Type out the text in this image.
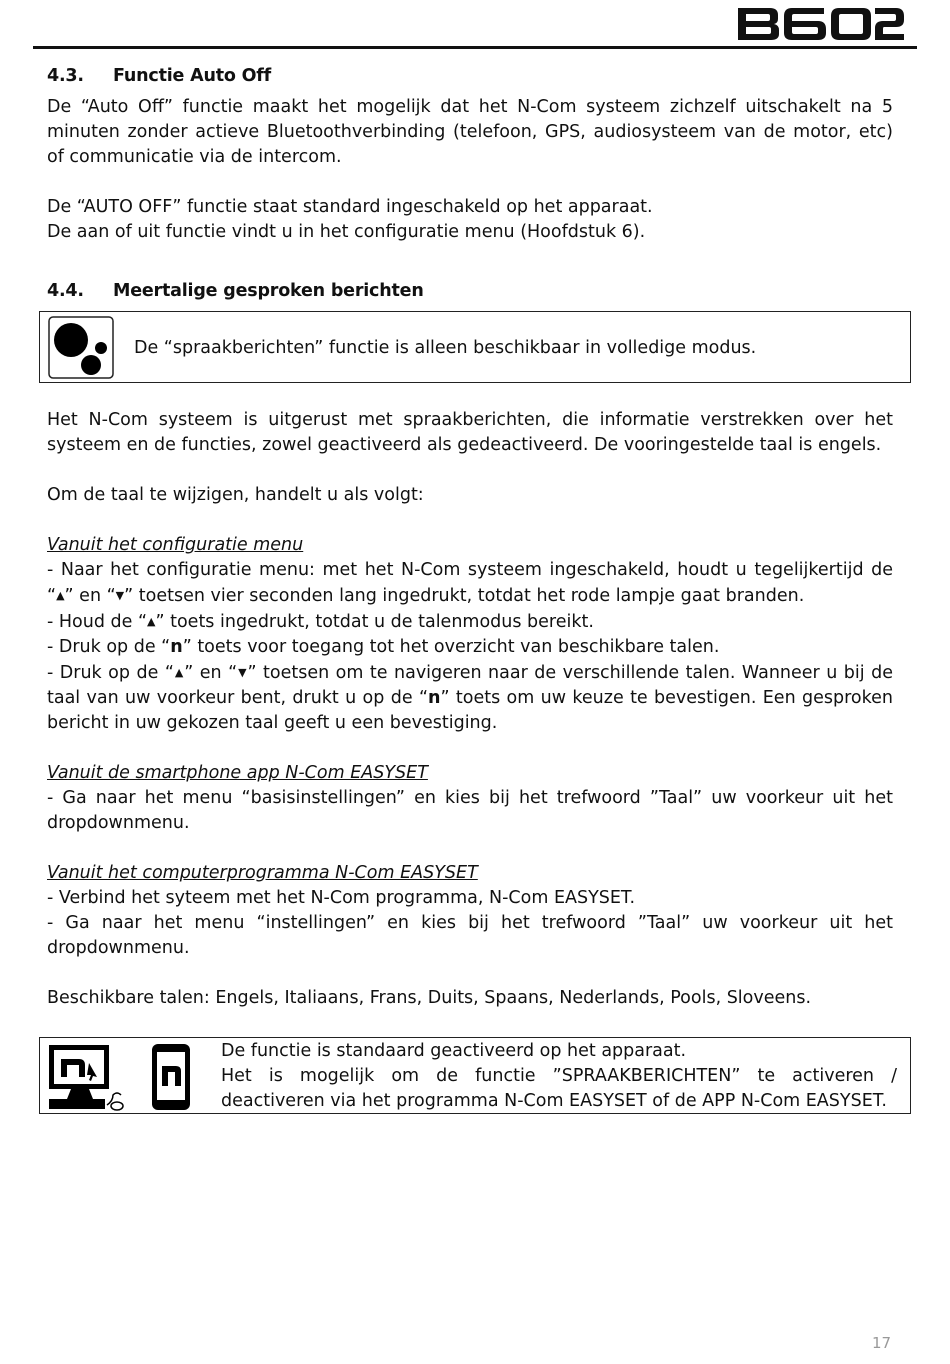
4.3.	Functie Auto Off

De “Auto Off” functie maakt het mogelijk dat het N-Com systeem zichzelf uitschakelt na 5 minuten zonder actieve Bluetoothverbinding (telefoon, GPS, audiosysteem van de motor, etc) of communicatie via de intercom.

De “AUTO OFF” functie staat standard ingeschakeld op het apparaat.

De aan of uit functie vindt u in het configuratie menu (Hoofdstuk 6).

4.4.	Meertalige gesproken berichten

Het N-Com systeem is uitgerust met spraakberichten, die informatie verstrekken over het systeem en de functies, zowel geactiveerd als gedeactiveerd. De vooringestelde taal is engels.

Om de taal te wijzigen, handelt u als volgt:

Vanuit het configuratie menu

- Naar het configuratie menu: met het N-Com systeem ingeschakeld, houdt u tegelijkertijd de “▲” en “▼” toetsen vier seconden lang ingedrukt, totdat het rode lampje gaat branden.

- Houd de “▲” toets ingedrukt, totdat u de talenmodus bereikt.

- Druk op de “n” toets voor toegang tot het overzicht van beschikbare talen.

- Druk op de “▲” en “▼” toetsen om te navigeren naar de verschillende talen. Wanneer u bij de taal van uw voorkeur bent, drukt u op de “n” toets om uw keuze te bevestigen. Een gesproken bericht in uw gekozen taal geeft u een bevestiging.

Vanuit de smartphone app N-Com EASYSET

- Ga naar het menu “basisinstellingen” en kies bij het trefwoord ”Taal” uw voorkeur uit het dropdownmenu.

Vanuit het computerprogramma N-Com EASYSET

- Verbind het syteem met het N-Com programma, N-Com EASYSET.

- Ga naar het menu “instellingen” en kies bij het trefwoord ”Taal” uw voorkeur uit het dropdownmenu.

Beschikbare talen: Engels, Italiaans, Frans, Duits, Spaans, Nederlands, Pools, Sloveens.

De “spraakberichten” functie is alleen beschikbaar in volledige modus.
De functie is standaard geactiveerd op het apparaat.
Het is mogelijk om de functie ”SPRAAKBERICHTEN” te activeren / deactiveren via het programma N-Com EASYSET of de APP N-Com EASYSET.
17
